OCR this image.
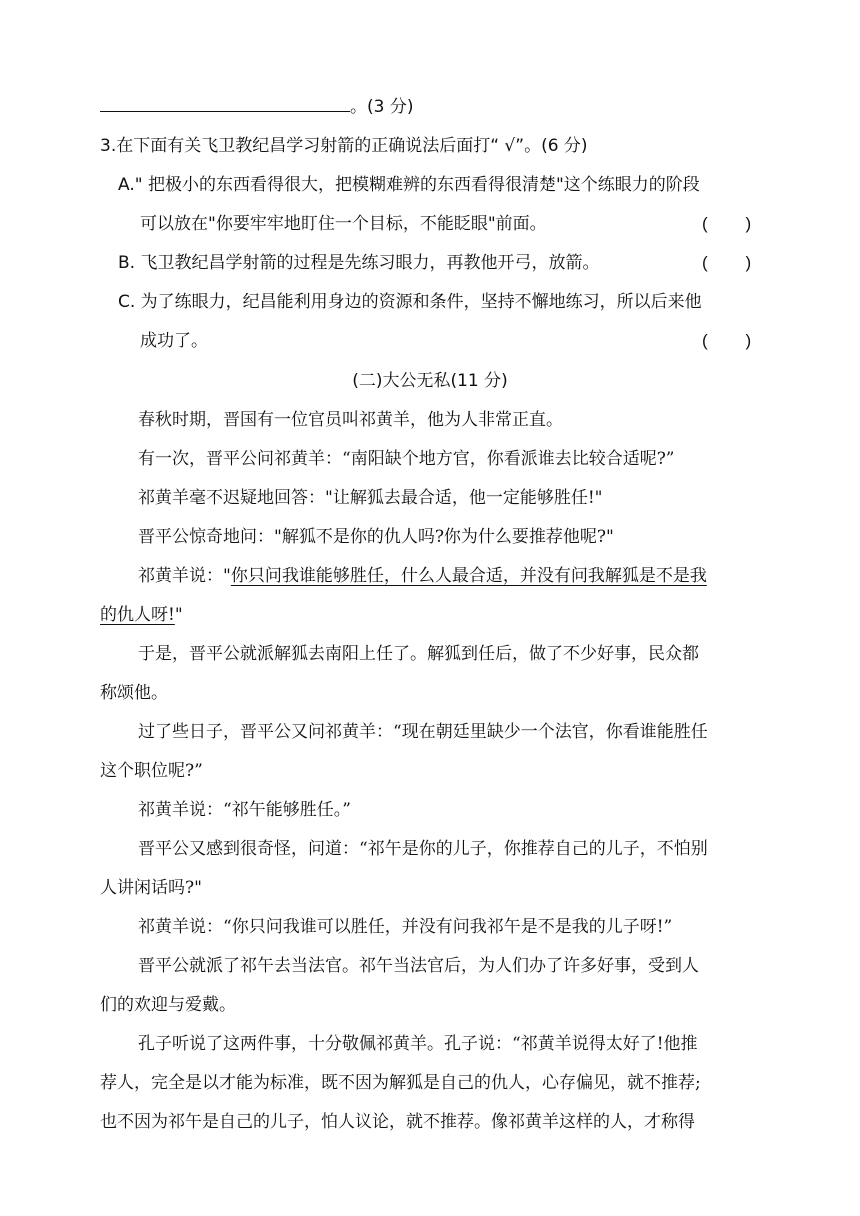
。(3 分)
3.在下面有关飞卫教纪昌学习射箭的正确说法后面打“ √”。(6 分)
A." 把极小的东西看得很大，把模糊难辨的东西看得很清楚"这个练眼力的阶段
可以放在"你要牢牢地盯住一个目标，不能眨眼"前面。	(        )
B. 飞卫教纪昌学射箭的过程是先练习眼力，再教他开弓，放箭。	(        )
C. 为了练眼力，纪昌能利用身边的资源和条件，坚持不懈地练习，所以后来他
成功了。	(        )
(二)大公无私(11 分)
春秋时期，晋国有一位官员叫祁黄羊，他为人非常正直。
有一次，晋平公问祁黄羊：“南阳缺个地方官，你看派谁去比较合适呢?”
祁黄羊毫不迟疑地回答："让解狐去最合适，他一定能够胜任!"
晋平公惊奇地问："解狐不是你的仇人吗?你为什么要推荐他呢?"
祁黄羊说："你只问我谁能够胜任，什么人最合适，并没有问我解狐是不是我
的仇人呀!"
于是，晋平公就派解狐去南阳上任了。解狐到任后，做了不少好事，民众都
称颂他。
过了些日子，晋平公又问祁黄羊：“现在朝廷里缺少一个法官，你看谁能胜任
这个职位呢?”
祁黄羊说：“祁午能够胜任。”
晋平公又感到很奇怪，问道：“祁午是你的儿子，你推荐自己的儿子，不怕别
人讲闲话吗?"
祁黄羊说：“你只问我谁可以胜任，并没有问我祁午是不是我的儿子呀!”
晋平公就派了祁午去当法官。祁午当法官后，为人们办了许多好事，受到人
们的欢迎与爱戴。
孔子听说了这两件事，十分敬佩祁黄羊。孔子说：“祁黄羊说得太好了!他推
荐人，完全是以才能为标准，既不因为解狐是自己的仇人，心存偏见，就不推荐;
也不因为祁午是自己的儿子，怕人议论，就不推荐。像祁黄羊这样的人，才称得
